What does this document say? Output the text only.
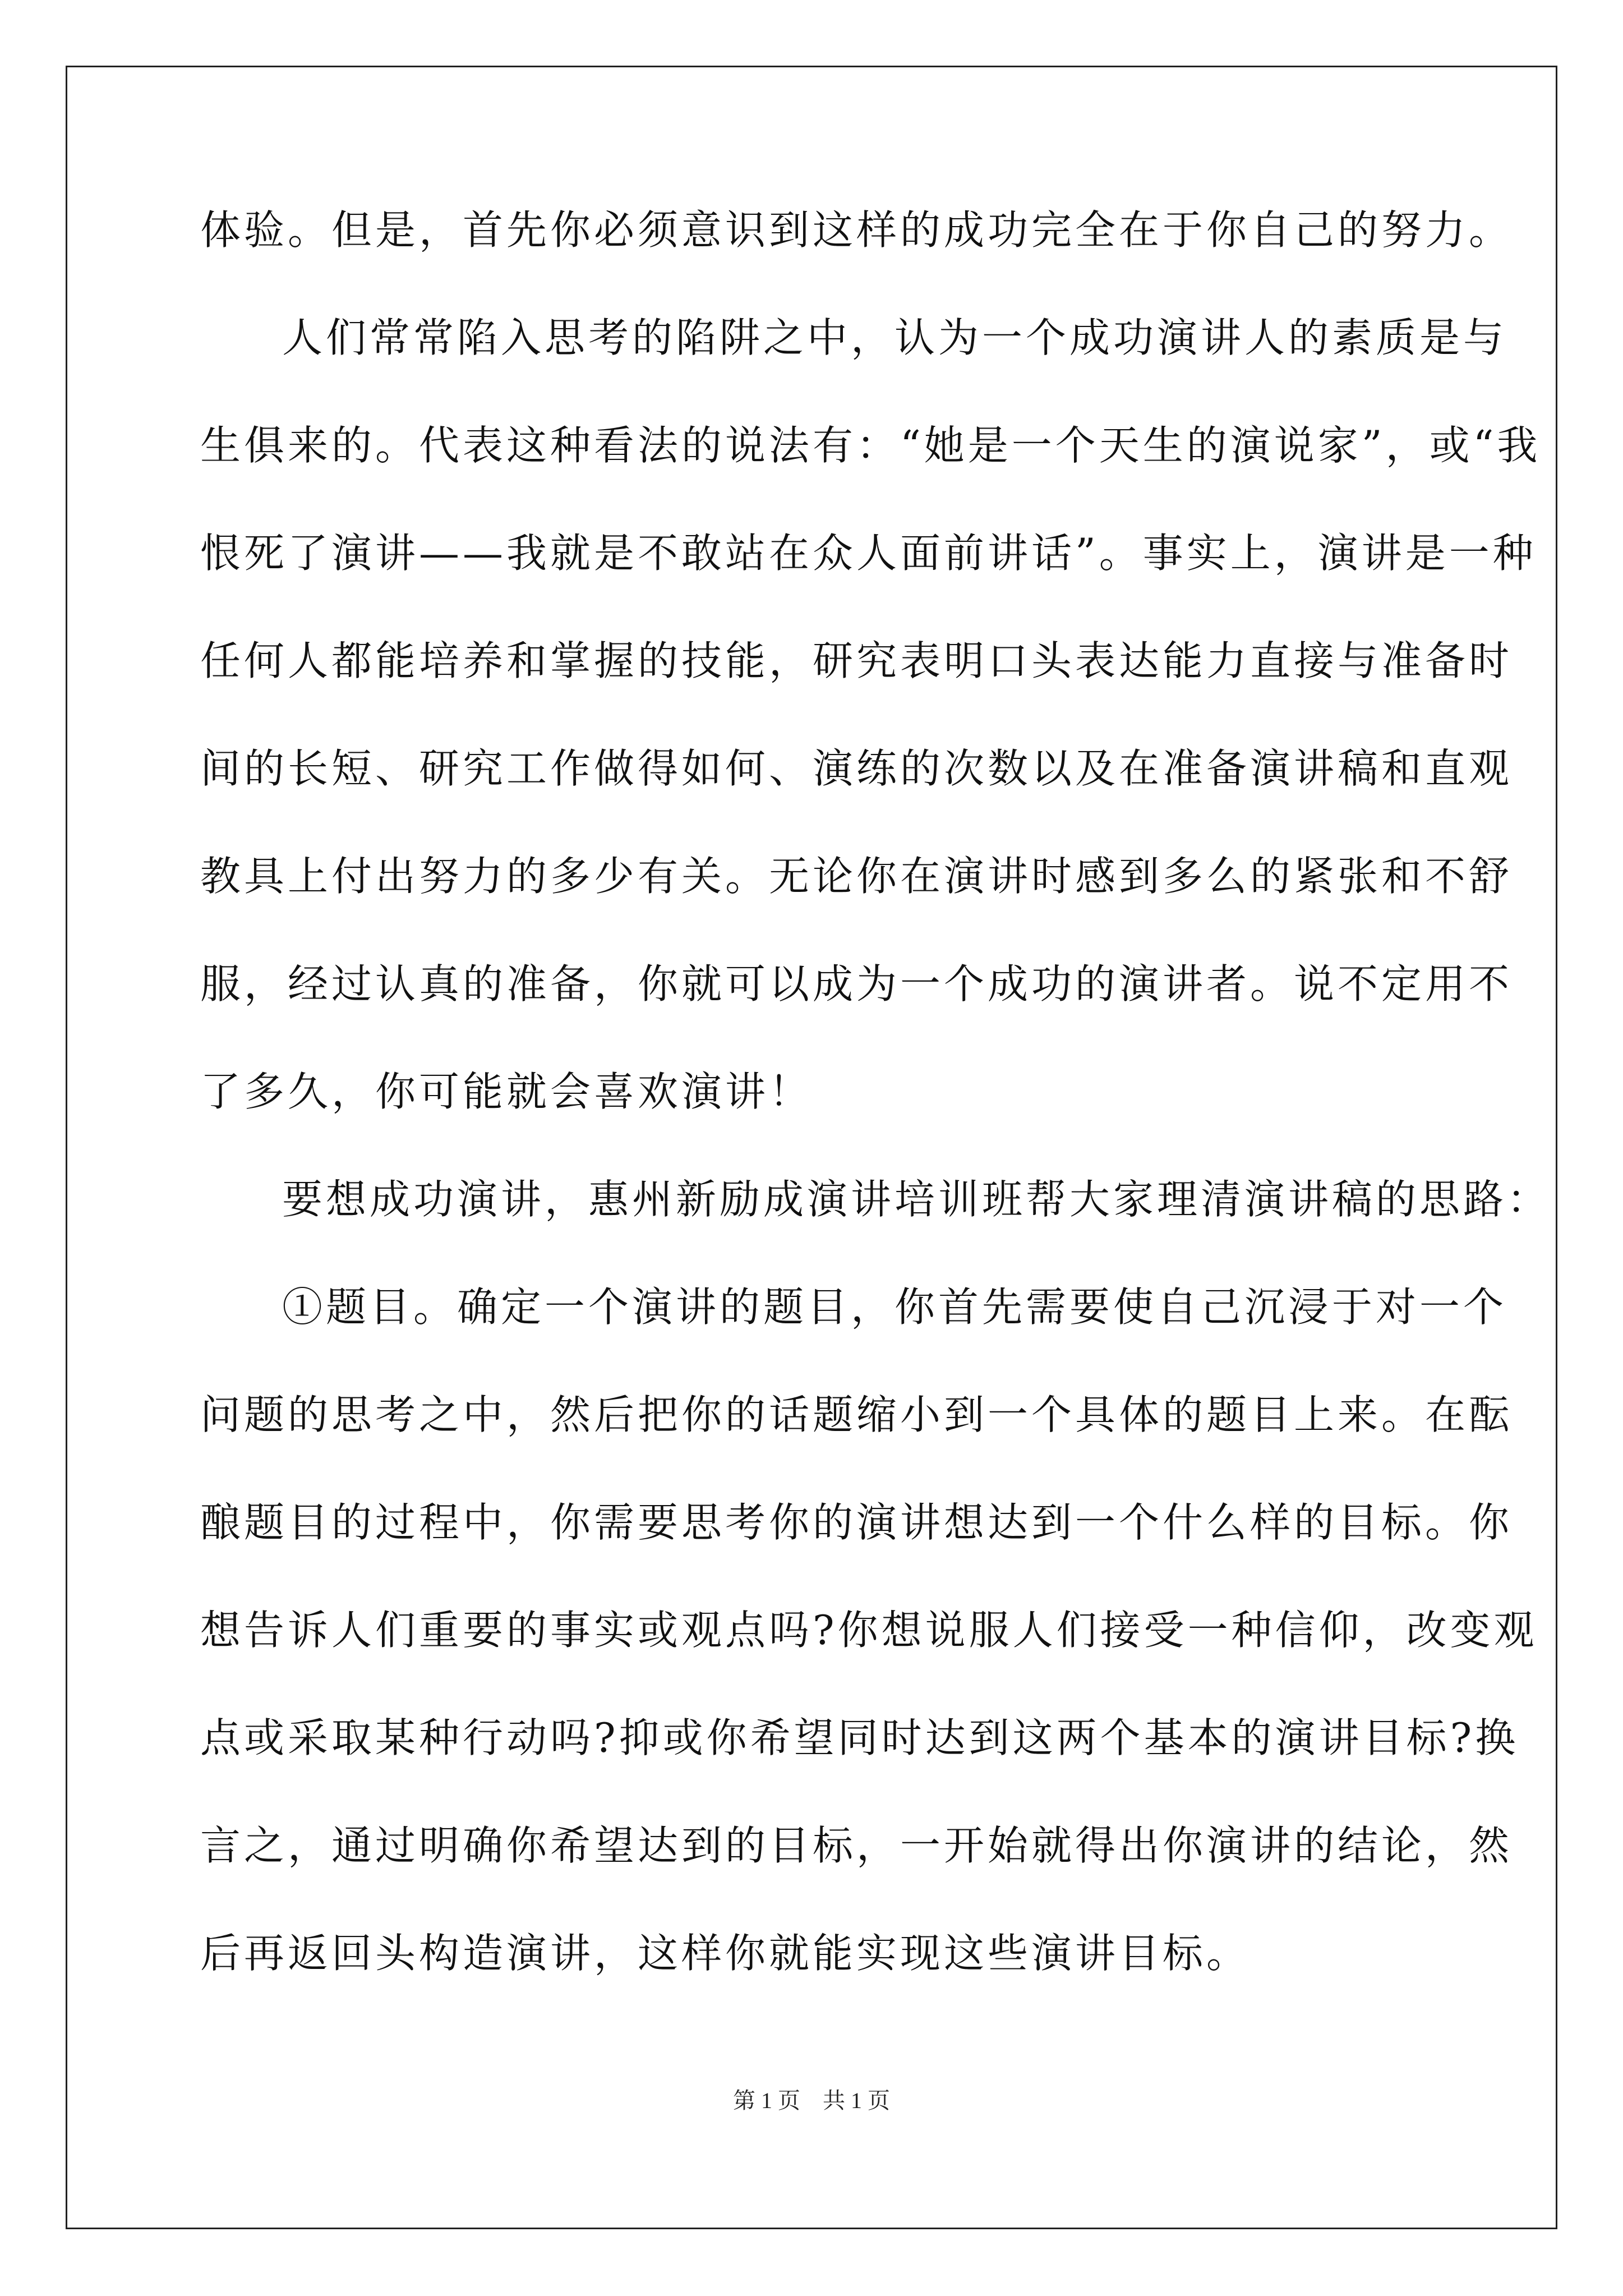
体验。但是，首先你必须意识到这样的成功完全在于你自己的努力。
人们常常陷入思考的陷阱之中，认为一个成功演讲人的素质是与
生俱来的。代表这种看法的说法有：“她是一个天生的演说家”，或“我
恨死了演讲——我就是不敢站在众人面前讲话”。事实上，演讲是一种
任何人都能培养和掌握的技能，研究表明口头表达能力直接与准备时
间的长短、研究工作做得如何、演练的次数以及在准备演讲稿和直观
教具上付出努力的多少有关。无论你在演讲时感到多么的紧张和不舒
服，经过认真的准备，你就可以成为一个成功的演讲者。说不定用不
了多久，你可能就会喜欢演讲！
要想成功演讲，惠州新励成演讲培训班帮大家理清演讲稿的思路：
①题目。确定一个演讲的题目，你首先需要使自己沉浸于对一个
问题的思考之中，然后把你的话题缩小到一个具体的题目上来。在酝
酿题目的过程中，你需要思考你的演讲想达到一个什么样的目标。你
想告诉人们重要的事实或观点吗?你想说服人们接受一种信仰，改变观
点或采取某种行动吗?抑或你希望同时达到这两个基本的演讲目标?换
言之，通过明确你希望达到的目标，一开始就得出你演讲的结论，然
后再返回头构造演讲，这样你就能实现这些演讲目标。
第 1 页    共 1 页
